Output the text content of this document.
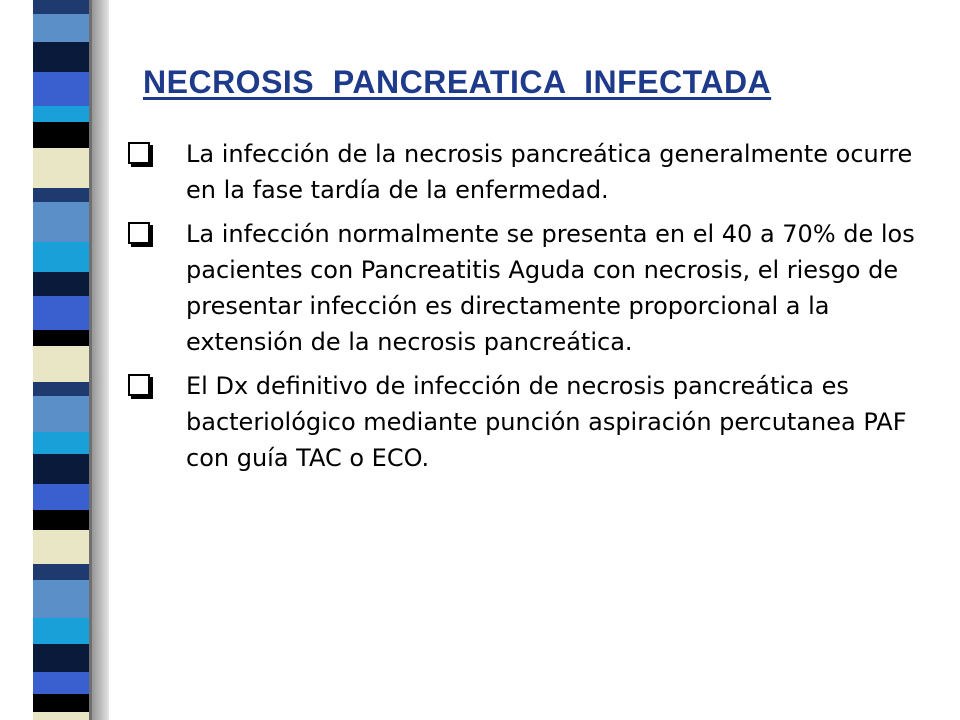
NECROSIS  PANCREATICA  INFECTADA
La infección de la necrosis pancreática generalmente ocurre en la fase tardía de la enfermedad.
La infección normalmente se presenta en el 40 a 70% de los pacientes con Pancreatitis Aguda con necrosis, el riesgo de presentar infección es directamente proporcional a la extensión de la necrosis pancreática.
El Dx definitivo de infección de necrosis pancreática es bacteriológico mediante punción aspiración percutanea PAF con guía TAC o ECO.
